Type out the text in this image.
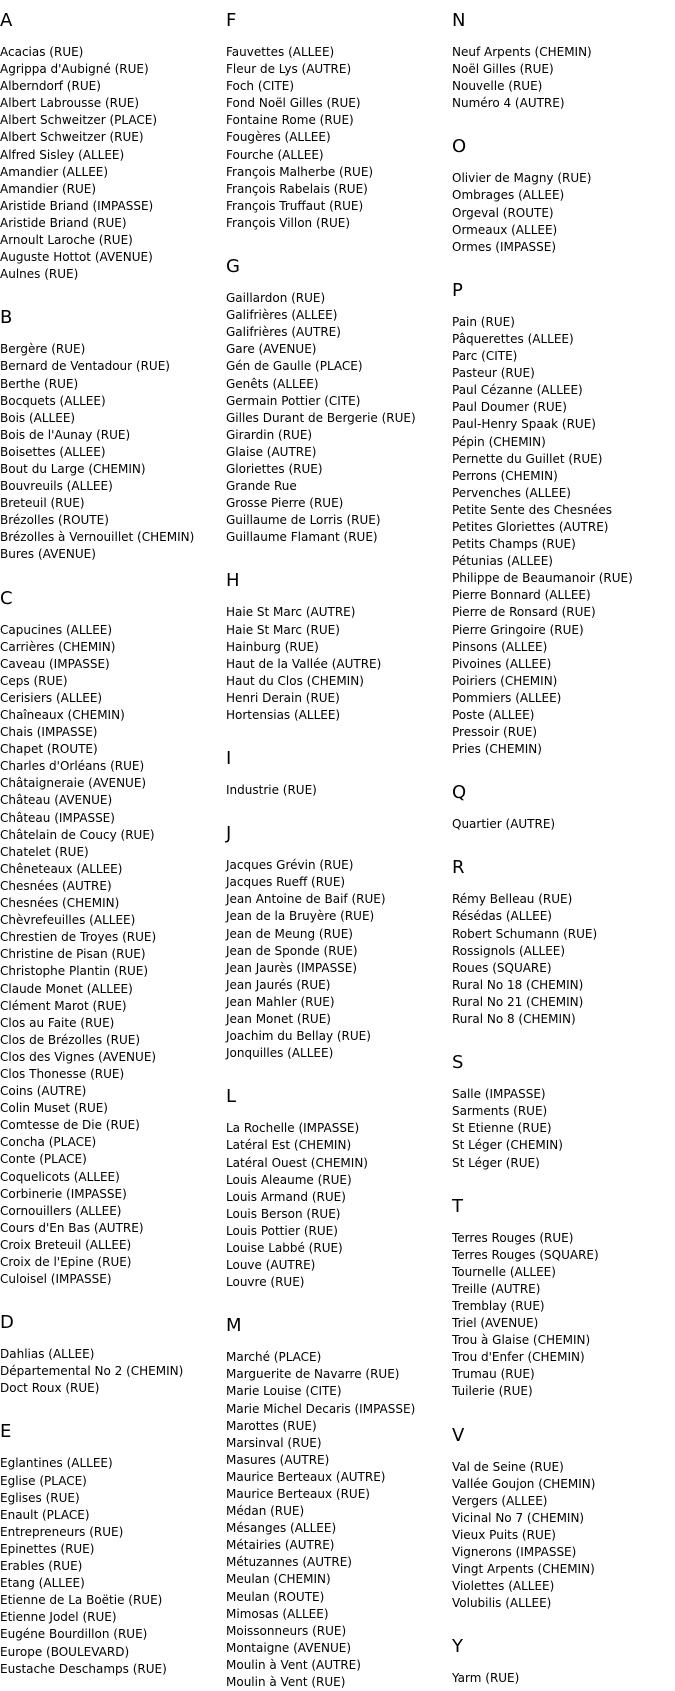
A
Acacias (RUE)
Agrippa d'Aubigné (RUE)
Alberndorf (RUE)
Albert Labrousse (RUE)
Albert Schweitzer (PLACE)
Albert Schweitzer (RUE)
Alfred Sisley (ALLEE)
Amandier (ALLEE)
Amandier (RUE)
Aristide Briand (IMPASSE)
Aristide Briand (RUE)
Arnoult Laroche (RUE)
Auguste Hottot (AVENUE)
Aulnes (RUE)
B
Bergère (RUE)
Bernard de Ventadour (RUE)
Berthe (RUE)
Bocquets (ALLEE)
Bois (ALLEE)
Bois de l'Aunay (RUE)
Boisettes (ALLEE)
Bout du Large (CHEMIN)
Bouvreuils (ALLEE)
Breteuil (RUE)
Brézolles (ROUTE)
Brézolles à Vernouillet (CHEMIN)
Bures (AVENUE)
C
Capucines (ALLEE)
Carrières (CHEMIN)
Caveau (IMPASSE)
Ceps (RUE)
Cerisiers (ALLEE)
Chaîneaux (CHEMIN)
Chais (IMPASSE)
Chapet (ROUTE)
Charles d'Orléans (RUE)
Châtaigneraie (AVENUE)
Château (AVENUE)
Château (IMPASSE)
Châtelain de Coucy (RUE)
Chatelet (RUE)
Chêneteaux (ALLEE)
Chesnées (AUTRE)
Chesnées (CHEMIN)
Chèvrefeuilles (ALLEE)
Chrestien de Troyes (RUE)
Christine de Pisan (RUE)
Christophe Plantin (RUE)
Claude Monet (ALLEE)
Clément Marot (RUE)
Clos au Faite (RUE)
Clos de Brézolles (RUE)
Clos des Vignes (AVENUE)
Clos Thonesse (RUE)
Coins (AUTRE)
Colin Muset (RUE)
Comtesse de Die (RUE)
Concha (PLACE)
Conte (PLACE)
Coquelicots (ALLEE)
Corbinerie (IMPASSE)
Cornouillers (ALLEE)
Cours d'En Bas (AUTRE)
Croix Breteuil (ALLEE)
Croix de l'Epine (RUE)
Culoisel (IMPASSE)
D
Dahlias (ALLEE)
Départemental No 2 (CHEMIN)
Doct Roux (RUE)
E
Eglantines (ALLEE)
Eglise (PLACE)
Eglises (RUE)
Enault (PLACE)
Entrepreneurs (RUE)
Epinettes (RUE)
Erables (RUE)
Etang (ALLEE)
Etienne de La Boëtie (RUE)
Etienne Jodel (RUE)
Eugéne Bourdillon (RUE)
Europe (BOULEVARD)
Eustache Deschamps (RUE)
F
Fauvettes (ALLEE)
Fleur de Lys (AUTRE)
Foch (CITE)
Fond Noël Gilles (RUE)
Fontaine Rome (RUE)
Fougères (ALLEE)
Fourche (ALLEE)
François Malherbe (RUE)
François Rabelais (RUE)
François Truffaut (RUE)
François Villon (RUE)
G
Gaillardon (RUE)
Galifrières (ALLEE)
Galifrières (AUTRE)
Gare (AVENUE)
Gén de Gaulle (PLACE)
Genêts (ALLEE)
Germain Pottier (CITE)
Gilles Durant de Bergerie (RUE)
Girardin (RUE)
Glaise (AUTRE)
Gloriettes (RUE)
Grande Rue
Grosse Pierre (RUE)
Guillaume de Lorris (RUE)
Guillaume Flamant (RUE)
H
Haie St Marc (AUTRE)
Haie St Marc (RUE)
Hainburg (RUE)
Haut de la Vallée (AUTRE)
Haut du Clos (CHEMIN)
Henri Derain (RUE)
Hortensias (ALLEE)
I
Industrie (RUE)
J
Jacques Grévin (RUE)
Jacques Rueff (RUE)
Jean Antoine de Baif (RUE)
Jean de la Bruyère (RUE)
Jean de Meung (RUE)
Jean de Sponde (RUE)
Jean Jaurès (IMPASSE)
Jean Jaurés (RUE)
Jean Mahler (RUE)
Jean Monet (RUE)
Joachim du Bellay (RUE)
Jonquilles (ALLEE)
L
La Rochelle (IMPASSE)
Latéral Est (CHEMIN)
Latéral Ouest (CHEMIN)
Louis Aleaume (RUE)
Louis Armand (RUE)
Louis Berson (RUE)
Louis Pottier (RUE)
Louise Labbé (RUE)
Louve (AUTRE)
Louvre (RUE)
M
Marché (PLACE)
Marguerite de Navarre (RUE)
Marie Louise (CITE)
Marie Michel Decaris (IMPASSE)
Marottes (RUE)
Marsinval (RUE)
Masures (AUTRE)
Maurice Berteaux (AUTRE)
Maurice Berteaux (RUE)
Médan (RUE)
Mésanges (ALLEE)
Métairies (AUTRE)
Métuzannes (AUTRE)
Meulan (CHEMIN)
Meulan (ROUTE)
Mimosas (ALLEE)
Moissonneurs (RUE)
Montaigne (AVENUE)
Moulin à Vent (AUTRE)
Moulin à Vent (RUE)
N
Neuf Arpents (CHEMIN)
Noël Gilles (RUE)
Nouvelle (RUE)
Numéro 4 (AUTRE)
O
Olivier de Magny (RUE)
Ombrages (ALLEE)
Orgeval (ROUTE)
Ormeaux (ALLEE)
Ormes (IMPASSE)
P
Pain (RUE)
Pâquerettes (ALLEE)
Parc (CITE)
Pasteur (RUE)
Paul Cézanne (ALLEE)
Paul Doumer (RUE)
Paul-Henry Spaak (RUE)
Pépin (CHEMIN)
Pernette du Guillet (RUE)
Perrons (CHEMIN)
Pervenches (ALLEE)
Petite Sente des Chesnées
Petites Gloriettes (AUTRE)
Petits Champs (RUE)
Pétunias (ALLEE)
Philippe de Beaumanoir (RUE)
Pierre Bonnard (ALLEE)
Pierre de Ronsard (RUE)
Pierre Gringoire (RUE)
Pinsons (ALLEE)
Pivoines (ALLEE)
Poiriers (CHEMIN)
Pommiers (ALLEE)
Poste (ALLEE)
Pressoir (RUE)
Pries (CHEMIN)
Q
Quartier (AUTRE)
R
Rémy Belleau (RUE)
Résédas (ALLEE)
Robert Schumann (RUE)
Rossignols (ALLEE)
Roues (SQUARE)
Rural No 18 (CHEMIN)
Rural No 21 (CHEMIN)
Rural No 8 (CHEMIN)
S
Salle (IMPASSE)
Sarments (RUE)
St Etienne (RUE)
St Léger (CHEMIN)
St Léger (RUE)
T
Terres Rouges (RUE)
Terres Rouges (SQUARE)
Tournelle (ALLEE)
Treille (AUTRE)
Tremblay (RUE)
Triel (AVENUE)
Trou à Glaise (CHEMIN)
Trou d'Enfer (CHEMIN)
Trumau (RUE)
Tuilerie (RUE)
V
Val de Seine (RUE)
Vallée Goujon (CHEMIN)
Vergers (ALLEE)
Vicinal No 7 (CHEMIN)
Vieux Puits (RUE)
Vignerons (IMPASSE)
Vingt Arpents (CHEMIN)
Violettes (ALLEE)
Volubilis (ALLEE)
Y
Yarm (RUE)
